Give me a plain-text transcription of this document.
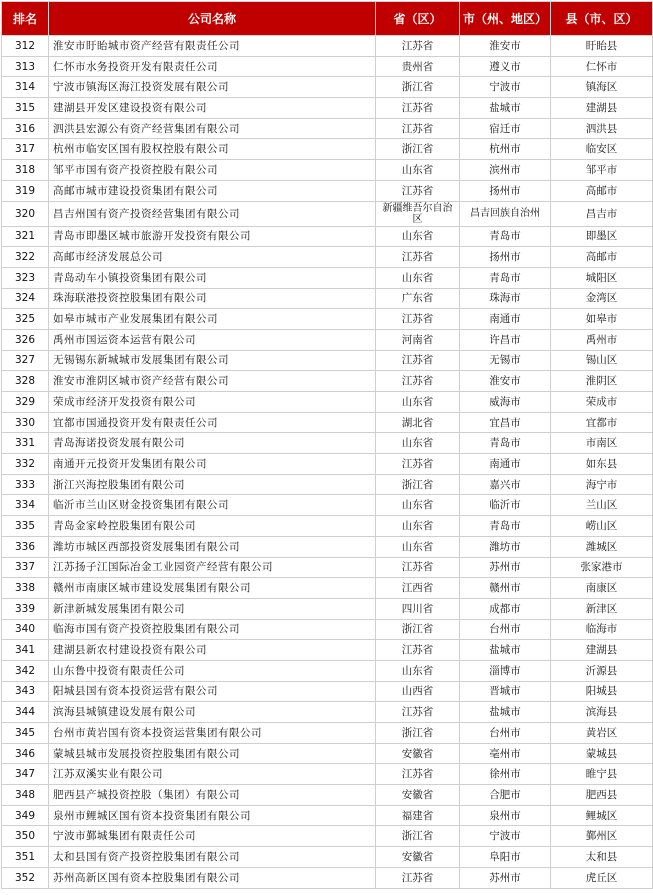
排名	公司名称	省（区）	市（州、地区）	县（市、区）
312	淮安市盱眙城市资产经营有限责任公司	江苏省	淮安市	盱眙县
313	仁怀市水务投资开发有限责任公司	贵州省	遵义市	仁怀市
314	宁波市镇海区海江投资发展有限公司	浙江省	宁波市	镇海区
315	建湖县开发区建设投资有限公司	江苏省	盐城市	建湖县
316	泗洪县宏源公有资产经营集团有限公司	江苏省	宿迁市	泗洪县
317	杭州市临安区国有股权控股有限公司	浙江省	杭州市	临安区
318	邹平市国有资产投资控股有限公司	山东省	滨州市	邹平市
319	高邮市城市建设投资集团有限公司	江苏省	扬州市	高邮市
320	昌吉州国有资产投资经营集团有限公司	新疆维吾尔自治区	昌吉回族自治州	昌吉市
321	青岛市即墨区城市旅游开发投资有限公司	山东省	青岛市	即墨区
322	高邮市经济发展总公司	江苏省	扬州市	高邮市
323	青岛动车小镇投资集团有限公司	山东省	青岛市	城阳区
324	珠海联港投资控股集团有限公司	广东省	珠海市	金湾区
325	如皋市城市产业发展集团有限公司	江苏省	南通市	如皋市
326	禹州市国运资本运营有限公司	河南省	许昌市	禹州市
327	无锡锡东新城城市发展集团有限公司	江苏省	无锡市	锡山区
328	淮安市淮阴区城市资产经营有限公司	江苏省	淮安市	淮阴区
329	荣成市经济开发投资有限公司	山东省	威海市	荣成市
330	宜都市国通投资开发有限责任公司	湖北省	宜昌市	宜都市
331	青岛海诺投资发展有限公司	山东省	青岛市	市南区
332	南通开元投资开发集团有限公司	江苏省	南通市	如东县
333	浙江兴海控股集团有限公司	浙江省	嘉兴市	海宁市
334	临沂市兰山区财金投资集团有限公司	山东省	临沂市	兰山区
335	青岛金家岭控股集团有限公司	山东省	青岛市	崂山区
336	潍坊市城区西部投资发展集团有限公司	山东省	潍坊市	潍城区
337	江苏扬子江国际冶金工业园资产经营有限公司	江苏省	苏州市	张家港市
338	赣州市南康区城市建设发展集团有限公司	江西省	赣州市	南康区
339	新津新城发展集团有限公司	四川省	成都市	新津区
340	临海市国有资产投资控股集团有限公司	浙江省	台州市	临海市
341	建湖县新农村建设投资有限公司	江苏省	盐城市	建湖县
342	山东鲁中投资有限责任公司	山东省	淄博市	沂源县
343	阳城县国有资本投资运营有限公司	山西省	晋城市	阳城县
344	滨海县城镇建设发展有限公司	江苏省	盐城市	滨海县
345	台州市黄岩国有资本投资运营集团有限公司	浙江省	台州市	黄岩区
346	蒙城县城市发展投资控股集团有限公司	安徽省	亳州市	蒙城县
347	江苏双溪实业有限公司	江苏省	徐州市	睢宁县
348	肥西县产城投资控股（集团）有限公司	安徽省	合肥市	肥西县
349	泉州市鲤城区国有资本投资集团有限公司	福建省	泉州市	鲤城区
350	宁波市鄞城集团有限责任公司	浙江省	宁波市	鄞州区
351	太和县国有资产投资控股集团有限公司	安徽省	阜阳市	太和县
352	苏州高新区国有资本控股集团有限公司	江苏省	苏州市	虎丘区
